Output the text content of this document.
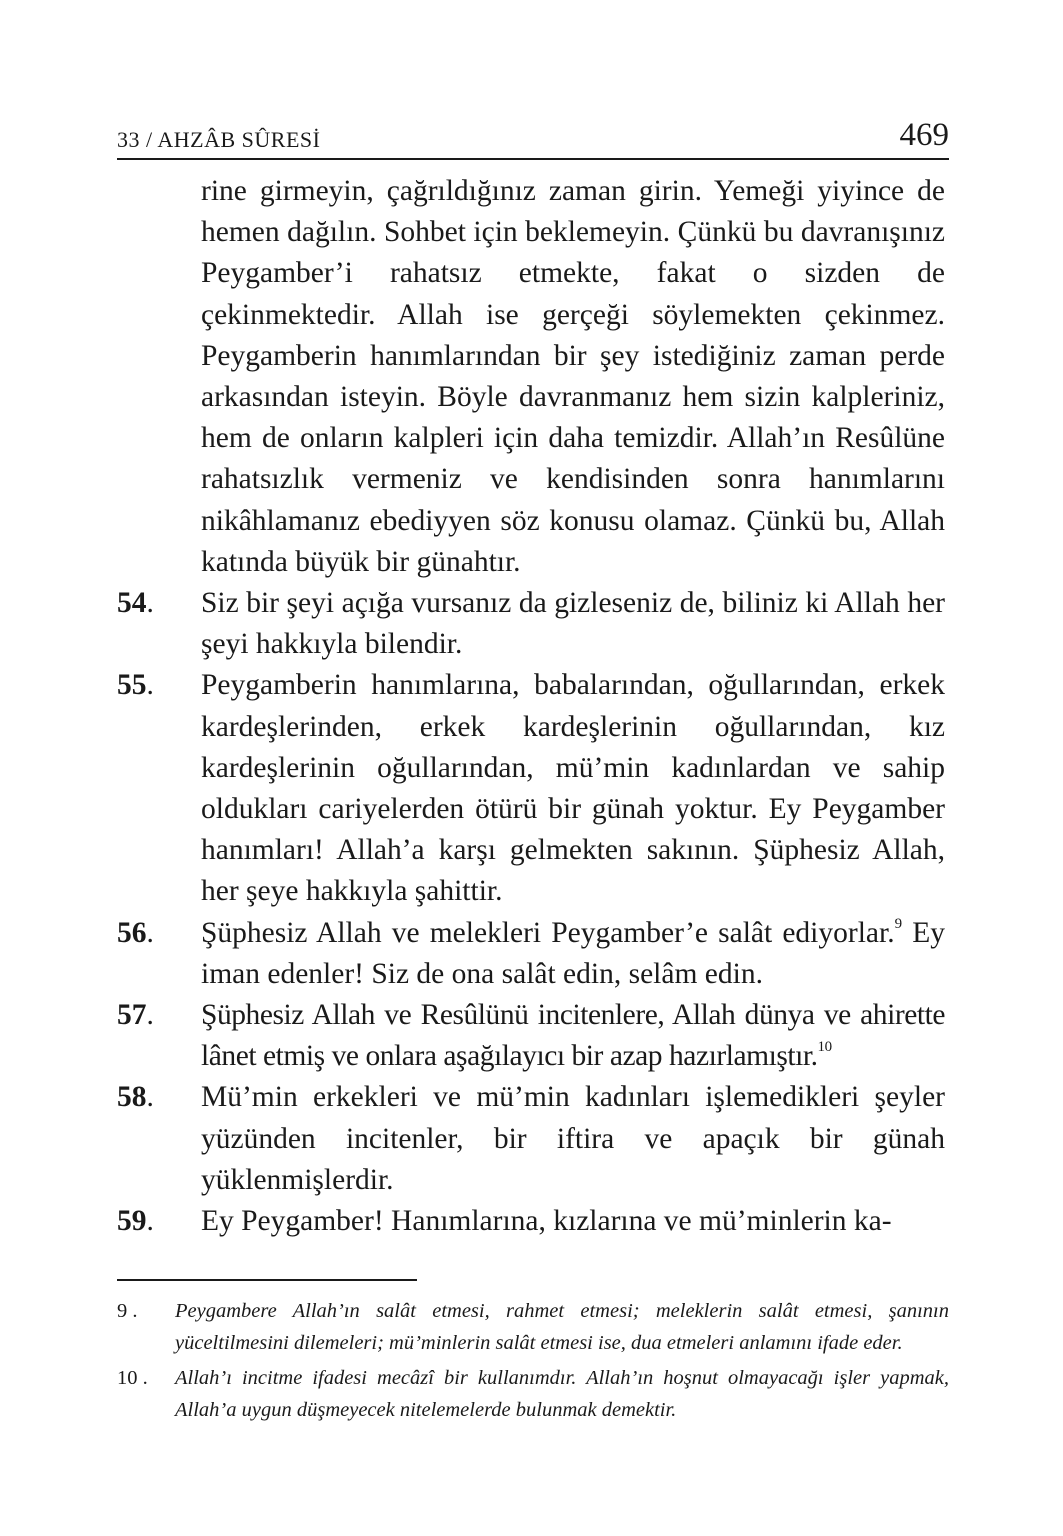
33 / AHZÂB SÛRESİ	469

rine girmeyin, çağrıldığınız zaman girin. Yemeği yiyince de hemen dağılın. Sohbet için beklemeyin. Çünkü bu davranışınız Peygamber’i rahatsız etmekte, fakat o sizden de çekinmektedir. Allah ise gerçeği söylemekten çekinmez. Peygamberin hanımlarından bir şey istediğiniz zaman perde arkasından isteyin. Böyle davranmanız hem sizin kalpleriniz, hem de onların kalpleri için daha temizdir. Allah’ın Resûlüne rahatsızlık vermeniz ve kendisinden sonra hanımlarını nikâhlamanız ebediyyen söz konusu olamaz. Çünkü bu, Allah katında büyük bir günahtır.

54.	Siz bir şeyi açığa vursanız da gizleseniz de, biliniz ki Allah her şeyi hakkıyla bilendir.

55.	Peygamberin hanımlarına, babalarından, oğullarından, erkek kardeşlerinden, erkek kardeşlerinin oğullarından, kız kardeşlerinin oğullarından, mü’min kadınlardan ve sahip oldukları cariyelerden ötürü bir günah yoktur. Ey Peygamber hanımları! Allah’a karşı gelmekten sakının. Şüphesiz Allah, her şeye hakkıyla şahittir.

56.	Şüphesiz Allah ve melekleri Peygamber’e salât ediyorlar.$^9$ Ey iman edenler! Siz de ona salât edin, selâm edin.

57.	Şüphesiz Allah ve Resûlünü incitenlere, Allah dünya ve ahirette lânet etmiş ve onlara aşağılayıcı bir azap hazırlamıştır.$^{10}$

58.	Mü’min erkekleri ve mü’min kadınları işlemedikleri şeyler yüzünden incitenler, bir iftira ve apaçık bir günah yüklenmişlerdir.

59.	Ey Peygamber! Hanımlarına, kızlarına ve mü’minlerin ka-

9 .	Peygambere Allah’ın salât etmesi, rahmet etmesi; meleklerin salât etmesi, şanının yüceltilmesini dilemeleri; mü’minlerin salât etmesi ise, dua etmeleri anlamını ifade eder.
10 .	Allah’ı incitme ifadesi mecâzî bir kullanımdır. Allah’ın hoşnut olmayacağı işler yapmak, Allah’a uygun düşmeyecek nitelemelerde bulunmak demektir.
